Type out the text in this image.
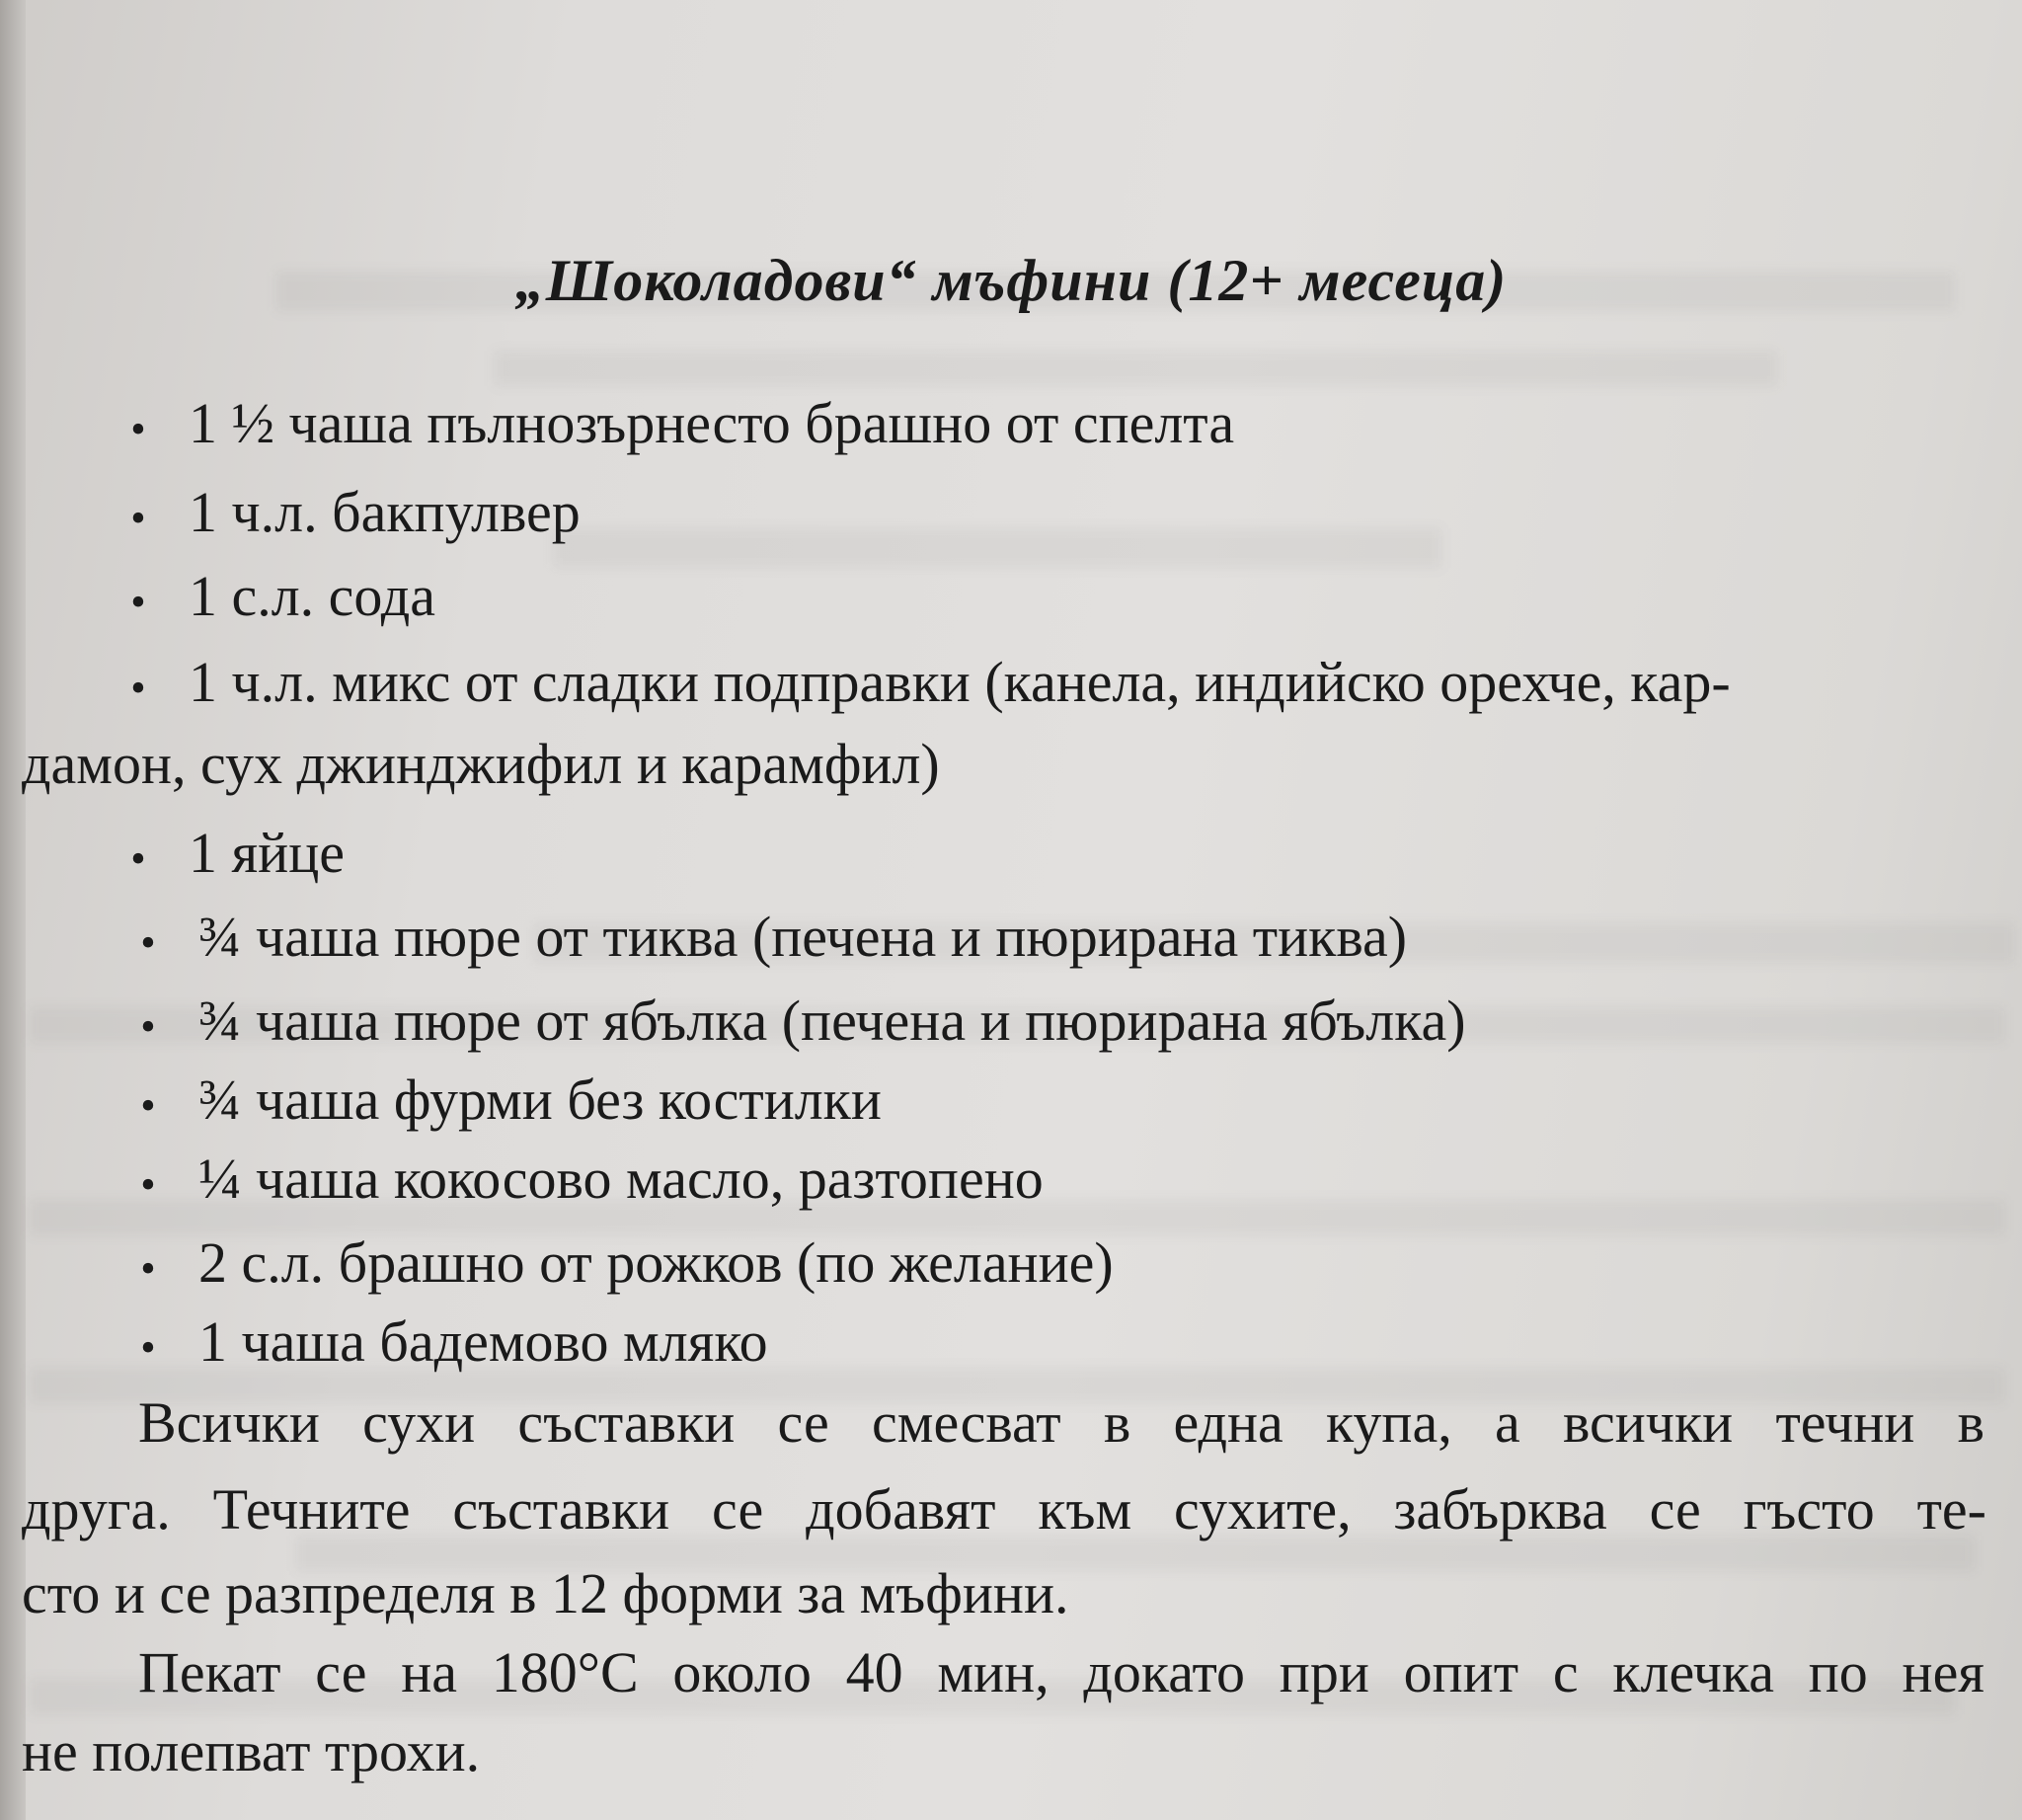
„Шоколадови“ мъфини (12+ месеца)
• 1 ½ чаша пълнозърнесто брашно от спелта
• 1 ч.л. бакпулвер
• 1 с.л. сода
• 1 ч.л. микс от сладки подправки (канела, индийско орехче, кар-
дамон, сух джинджифил и карамфил)
• 1 яйце
• ¾ чаша пюре от тиква (печена и пюрирана тиква)
• ¾ чаша пюре от ябълка (печена и пюрирана ябълка)
• ¾ чаша фурми без костилки
• ¼ чаша кокосово масло, разтопено
• 2 с.л. брашно от рожков (по желание)
• 1 чаша бадемово мляко
Всички сухи съставки се смесват в една купа, а всички течни в
друга. Течните съставки се добавят към сухите, забърква се гъсто те-
сто и се разпределя в 12 форми за мъфини.
Пекат се на 180°С около 40 мин, докато при опит с клечка по нея
не полепват трохи.
